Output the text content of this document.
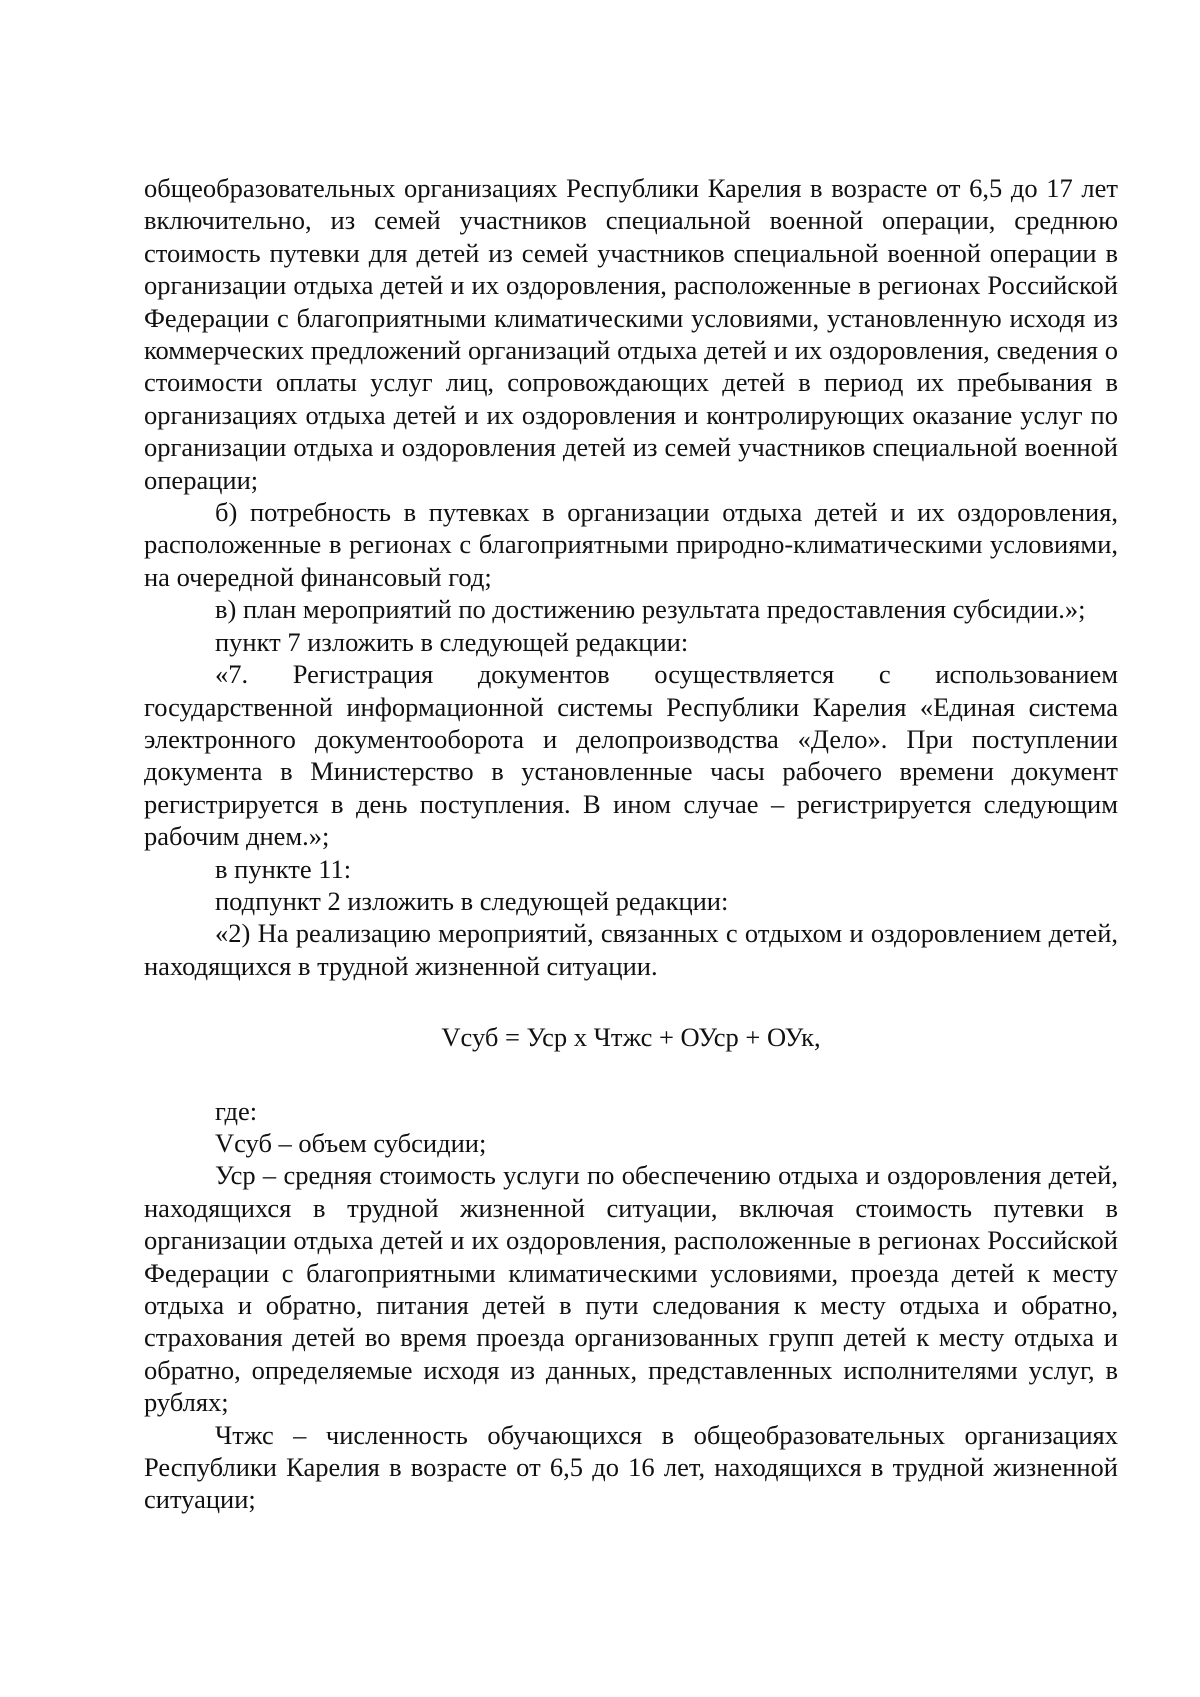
общеобразовательных организациях Республики Карелия в возрасте от 6,5 до 17 лет включительно, из семей участников специальной военной операции, среднюю стоимость путевки для детей из семей участников специальной военной операции в организации отдыха детей и их оздоровления, расположенные в регионах Российской Федерации с благоприятными климатическими условиями, установленную исходя из коммерческих предложений организаций отдыха детей и их оздоровления, сведения о стоимости оплаты услуг лиц, сопровождающих детей в период их пребывания в организациях отдыха детей и их оздоровления и контролирующих оказание услуг по организации отдыха и оздоровления детей из семей участников специальной военной операции;

б) потребность в путевках в организации отдыха детей и их оздоровления, расположенные в регионах с благоприятными природно-климатическими условиями, на очередной финансовый год;

в) план мероприятий по достижению результата предоставления субсидии.»;

пункт 7 изложить в следующей редакции:

«7. Регистрация документов осуществляется с использованием государственной информационной системы Республики Карелия «Единая система электронного документооборота и делопроизводства «Дело». При поступлении документа в Министерство в установленные часы рабочего времени документ регистрируется в день поступления. В ином случае – регистрируется следующим рабочим днем.»;

в пункте 11:

подпункт 2 изложить в следующей редакции:

«2) На реализацию мероприятий, связанных с отдыхом и оздоровлением детей, находящихся в трудной жизненной ситуации.

Vсуб = Уср x Чтжс + ОУср + ОУк,

где:

Vсуб – объем субсидии;

Уср – средняя стоимость услуги по обеспечению отдыха и оздоровления детей, находящихся в трудной жизненной ситуации, включая стоимость путевки в организации отдыха детей и их оздоровления, расположенные в регионах Российской Федерации с благоприятными климатическими условиями, проезда детей к месту отдыха и обратно, питания детей в пути следования к месту отдыха и обратно, страхования детей во время проезда организованных групп детей к месту отдыха и обратно, определяемые исходя из данных, представленных исполнителями услуг, в рублях;

Чтжс – численность обучающихся в общеобразовательных организациях Республики Карелия в возрасте от 6,5 до 16 лет, находящихся в трудной жизненной ситуации;
